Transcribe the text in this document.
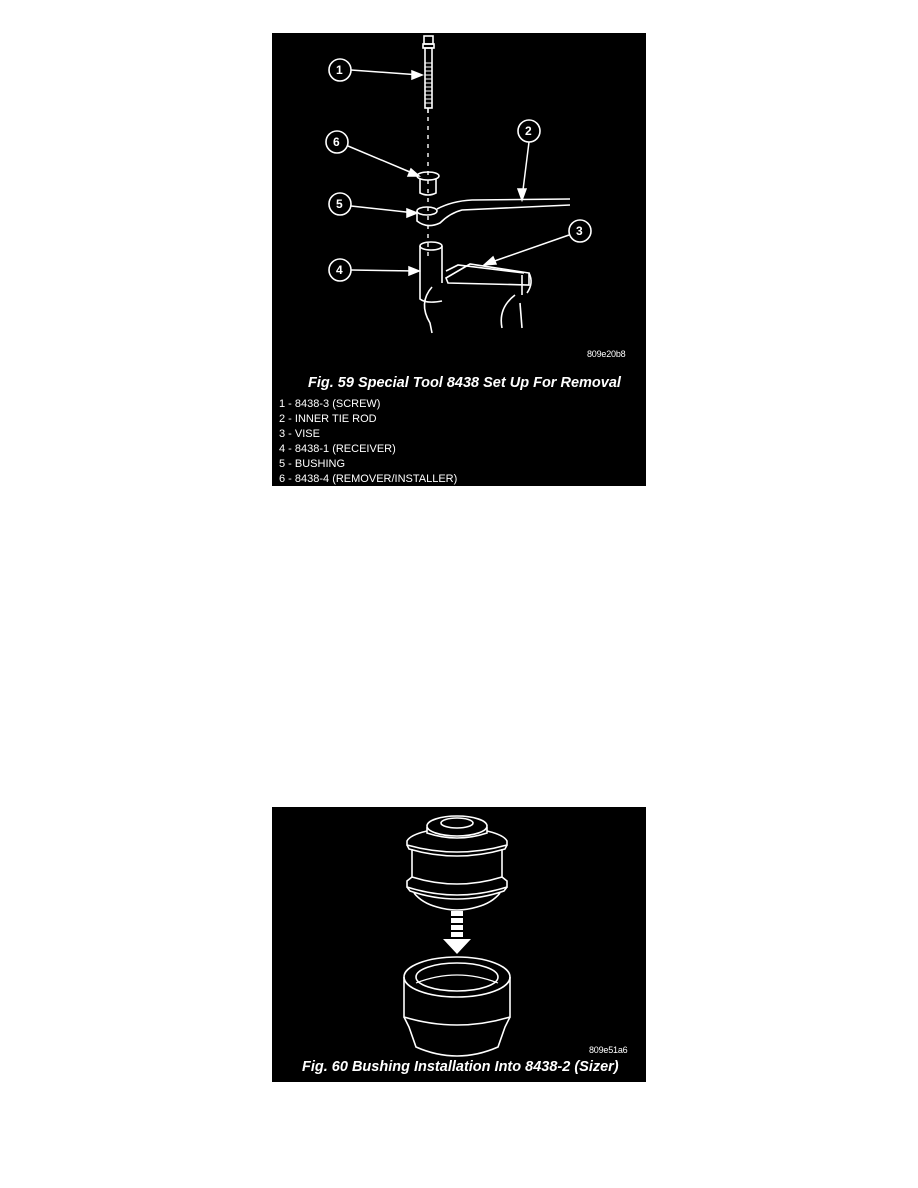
1
2
3
4
5
6
809e20b8
Fig. 59 Special Tool 8438 Set Up For Removal
1 - 8438-3 (SCREW)
2 - INNER TIE ROD
3 - VISE
4 - 8438-1 (RECEIVER)
5 - BUSHING
6 - 8438-4 (REMOVER/INSTALLER)
809e51a6
Fig. 60 Bushing Installation Into 8438-2 (Sizer)
